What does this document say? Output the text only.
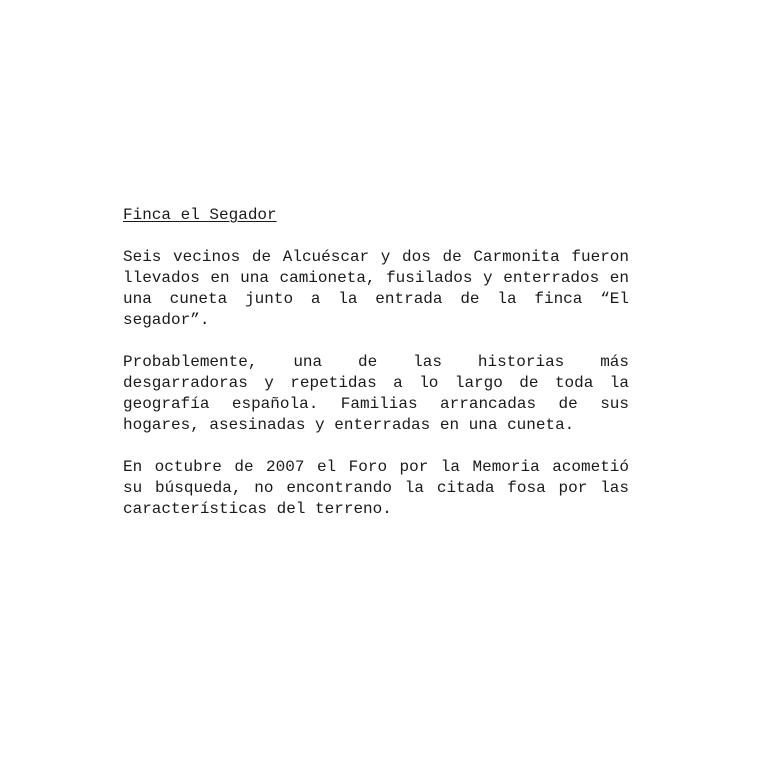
Finca el Segador

Seis vecinos de Alcuéscar y dos de Carmonita fueron llevados en una camioneta, fusilados y enterrados en una cuneta junto a la entrada de la finca “El segador”.

Probablemente, una de las historias más desgarradoras y repetidas a lo largo de toda la geografía española. Familias arrancadas de sus hogares, asesinadas y enterradas en una cuneta.

En octubre de 2007 el Foro por la Memoria acometió su búsqueda, no encontrando la citada fosa por las características del terreno.
